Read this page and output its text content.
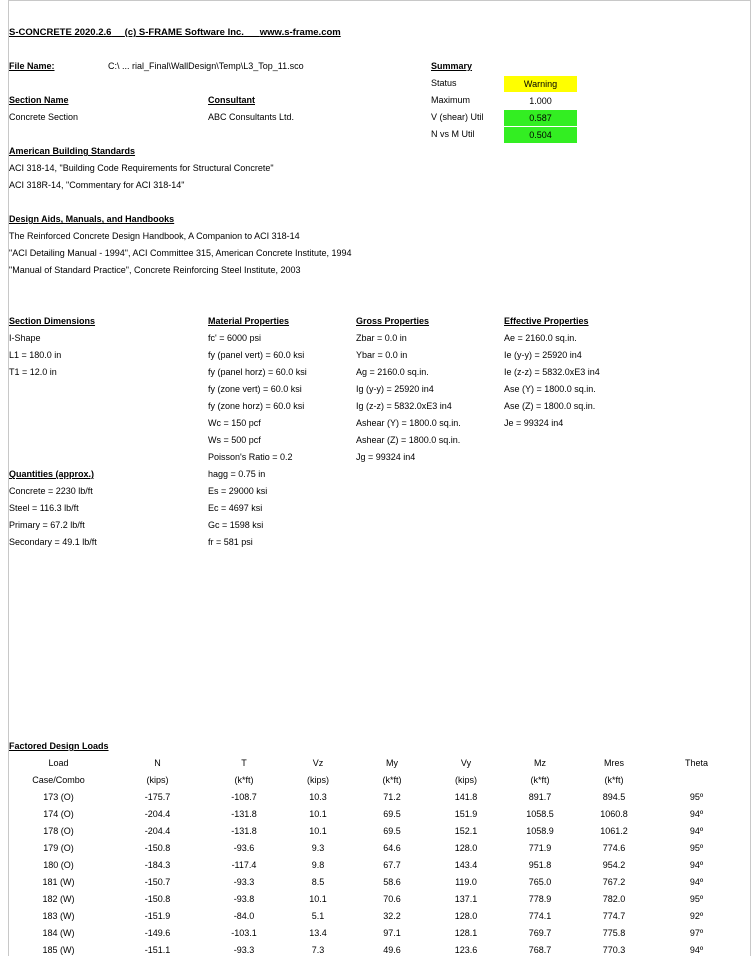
S-CONCRETE 2020.2.6 (c) S-FRAME Software Inc. www.s-frame.com
File Name:	C:\ ... rial_Final\WallDesign\Temp\L3_Top_11.sco	Summary
Status	Warning
Maximum	1.000
V (shear) Util	0.587
N vs M Util	0.504
Section Name
Concrete Section
Consultant
ABC Consultants Ltd.
American Building Standards
ACI 318-14, "Building Code Requirements for Structural Concrete"
ACI 318R-14, "Commentary for ACI 318-14"
Design Aids, Manuals, and Handbooks
The Reinforced Concrete Design Handbook, A Companion to ACI 318-14
"ACI Detailing Manual - 1994", ACI Committee 315, American Concrete Institute, 1994
"Manual of Standard Practice", Concrete Reinforcing Steel Institute, 2003
Section Dimensions
I-Shape
L1 = 180.0 in
T1 = 12.0 in
Material Properties
fc' = 6000 psi
fy (panel vert) = 60.0 ksi
fy (panel horz) = 60.0 ksi
fy (zone vert) = 60.0 ksi
fy (zone horz) = 60.0 ksi
Wc = 150 pcf
Ws = 500 pcf
Poisson's Ratio = 0.2
hagg = 0.75 in
Es = 29000 ksi
Ec = 4697 ksi
Gc = 1598 ksi
fr = 581 psi
Gross Properties
Zbar = 0.0 in
Ybar = 0.0 in
Ag = 2160.0 sq.in.
Ig (y-y) = 25920 in4
Ig (z-z) = 5832.0xE3 in4
Ashear (Y) = 1800.0 sq.in.
Ashear (Z) = 1800.0 sq.in.
Jg = 99324 in4
Effective Properties
Ae = 2160.0 sq.in.
Ie (y-y) = 25920 in4
Ie (z-z) = 5832.0xE3 in4
Ase (Y) = 1800.0 sq.in.
Ase (Z) = 1800.0 sq.in.
Je = 99324 in4
Quantities (approx.)
Concrete = 2230 lb/ft
Steel = 116.3 lb/ft
Primary = 67.2 lb/ft
Secondary = 49.1 lb/ft
Factored Design Loads
Load	N	T	Vz	My	Vy	Mz	Mres	Theta
Case/Combo	(kips)	(k*ft)	(kips)	(k*ft)	(kips)	(k*ft)	(k*ft)	
173 (O)	-175.7	-108.7	10.3	71.2	141.8	891.7	894.5	95º
174 (O)	-204.4	-131.8	10.1	69.5	151.9	1058.5	1060.8	94º
178 (O)	-204.4	-131.8	10.1	69.5	152.1	1058.9	1061.2	94º
179 (O)	-150.8	-93.6	9.3	64.6	128.0	771.9	774.6	95º
180 (O)	-184.3	-117.4	9.8	67.7	143.4	951.8	954.2	94º
181 (W)	-150.7	-93.3	8.5	58.6	119.0	765.0	767.2	94º
182 (W)	-150.8	-93.8	10.1	70.6	137.1	778.9	782.0	95º
183 (W)	-151.9	-84.0	5.1	32.2	128.0	774.1	774.7	92º
184 (W)	-149.6	-103.1	13.4	97.1	128.1	769.7	775.8	97º
185 (W)	-151.1	-93.3	7.3	49.6	123.6	768.7	770.3	94º
